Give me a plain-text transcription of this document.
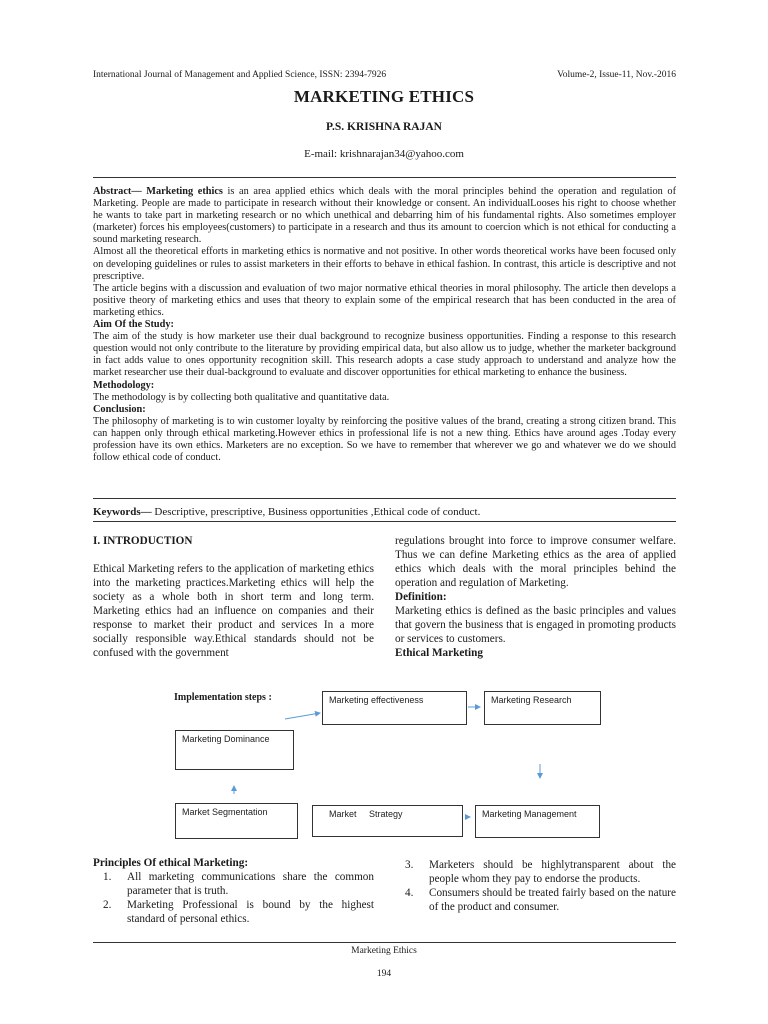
International Journal of Management and Applied Science, ISSN: 2394-7926	Volume-2, Issue-11, Nov.-2016
MARKETING ETHICS
P.S. KRISHNA RAJAN
E-mail: krishnarajan34@yahoo.com

Abstract— Marketing ethics is an area applied ethics which deals with the moral principles behind the operation and regulation of Marketing. People are made to participate in research without their knowledge or consent. An individualLooses his right to choose whether he wants to take part in marketing research or no which unethical and debarring him of his fundamental rights. Also sometimes employer (marketer) forces his employees(customers) to participate in a research and thus its amount to coercion which is not ethical for conducting a sound marketing research.

Almost all the theoretical efforts in marketing ethics is normative and not positive. In other words theoretical works have been focused only on developing guidelines or rules to assist marketers in their efforts to behave in ethical fashion. In contrast, this article is descriptive and not prescriptive.

The article begins with a discussion and evaluation of two major normative ethical theories in moral philosophy. The article then develops a positive theory of marketing ethics and uses that theory to explain some of the empirical research that has been conducted in the area of marketing ethics.

Aim Of the Study:

The aim of the study is how marketer use their dual background to recognize business opportunities. Finding a response to this research question would not only contribute to the literature by providing empirical data, but also allow us to judge, whether the marketer background in fact adds value to ones opportunity recognition skill. This research adopts a case study approach to understand and analyze how the market researcher use their dual-background to evaluate and discover opportunities for ethical marketing to enhance the business.

Methodology:

The methodology is by collecting both qualitative and quantitative data.

Conclusion:

The philosophy of marketing is to win customer loyalty by reinforcing the positive values of the brand, creating a strong citizen brand. This can happen only through ethical marketing.However ethics in professional life is not a new thing. Ethics have around ages .Today every profession have its own ethics. Marketers are no exception. So we have to remember that wherever we go and whatever we do we should follow ethical code of conduct.

Keywords— Descriptive, prescriptive, Business opportunities ,Ethical code of conduct.

I. INTRODUCTION

Ethical Marketing refers to the application of marketing ethics into the marketing practices.Marketing ethics will help the society as a whole both in short term and long term. Marketing ethics had an influence on companies and their response to market their product and services In a more socially responsible way.Ethical standards should not be confused with the government

regulations brought into force to improve consumer welfare. Thus we can define Marketing ethics as the area of applied ethics which deals with the moral principles behind the operation and regulation of Marketing.

Definition:

Marketing ethics is defined as the basic principles and values that govern the business that is engaged in promoting products or services to customers.

Ethical Marketing

Implementation steps :	Marketing effectiveness	Marketing Research
Marketing Dominance
Market Segmentation	Market     Strategy	Marketing Management
Principles Of ethical Marketing:
1. All marketing communications share the common parameter that is truth.
2. Marketing Professional is bound by the highest standard of personal ethics.
3. Marketers should be highlytransparent about the people whom they pay to endorse the products.
4. Consumers should be treated fairly based on the nature of the product and consumer.
Marketing Ethics
194
